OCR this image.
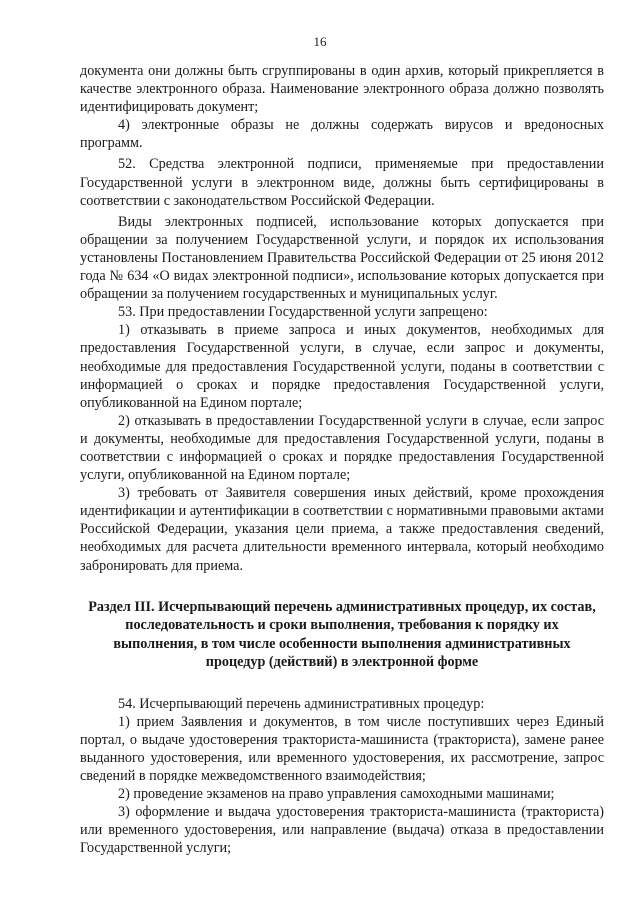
16

документа они должны быть сгруппированы в один архив, который прикрепляется в качестве электронного образа. Наименование электронного образа должно позволять идентифицировать документ;

4) электронные образы не должны содержать вирусов и вредоносных программ.

52. Средства электронной подписи, применяемые при предоставлении Государственной услуги в электронном виде, должны быть сертифицированы в соответствии с законодательством Российской Федерации.

Виды электронных подписей, использование которых допускается при обращении за получением Государственной услуги, и порядок их использования установлены Постановлением Правительства Российской Федерации от 25 июня 2012 года № 634 «О видах электронной подписи», использование которых допускается при обращении за получением государственных и муниципальных услуг.

53. При предоставлении Государственной услуги запрещено:

1) отказывать в приеме запроса и иных документов, необходимых для предоставления Государственной услуги, в случае, если запрос и документы, необходимые для предоставления Государственной услуги, поданы в соответствии с информацией о сроках и порядке предоставления Государственной услуги, опубликованной на Едином портале;

2) отказывать в предоставлении Государственной услуги в случае, если запрос и документы, необходимые для предоставления Государственной услуги, поданы в соответствии с информацией о сроках и порядке предоставления Государственной услуги, опубликованной на Едином портале;

3) требовать от Заявителя совершения иных действий, кроме прохождения идентификации и аутентификации в соответствии с нормативными правовыми актами Российской Федерации, указания цели приема, а также предоставления сведений, необходимых для расчета длительности временного интервала, который необходимо забронировать для приема.

Раздел III. Исчерпывающий перечень административных процедур, их состав, последовательность и сроки выполнения, требования к порядку их выполнения, в том числе особенности выполнения административных процедур (действий) в электронной форме

54. Исчерпывающий перечень административных процедур:

1) прием Заявления и документов, в том числе поступивших через Единый портал, о выдаче удостоверения тракториста-машиниста (тракториста), замене ранее выданного удостоверения, или временного удостоверения, их рассмотрение, запрос сведений в порядке межведомственного взаимодействия;

2) проведение экзаменов на право управления самоходными машинами;

3) оформление и выдача удостоверения тракториста-машиниста (тракториста) или временного удостоверения, или направление (выдача) отказа в предоставлении Государственной услуги;
